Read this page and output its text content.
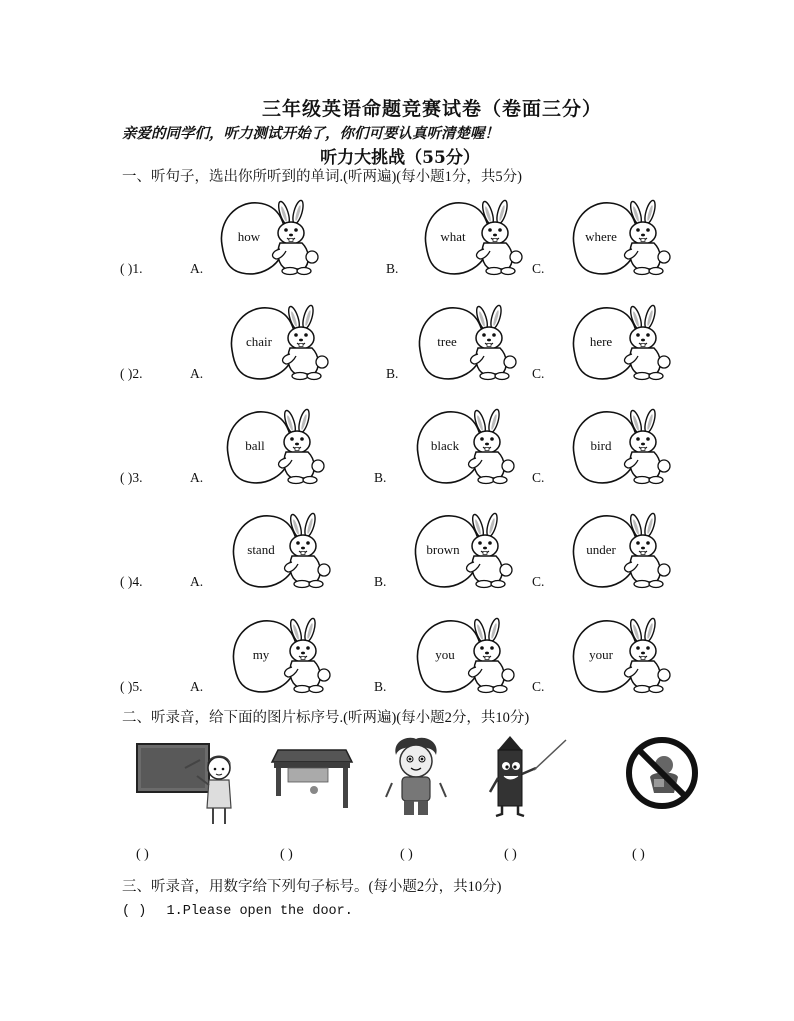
三年级英语命题竞赛试卷（卷面三分）
亲爱的同学们，听力测试开始了，你们可要认真听清楚喔！
听力大挑战（55分）
一、听句子，选出你所听到的单词.(听两遍)(每小题1分，共5分)
( )1.	A.
how
B.
what
C.
where
( )2.	A.
chair
B.
tree
C.
here
( )3.	A.
ball
B.
black
C.
bird
( )4.	A.
stand
B.
brown
C.
under
( )5.	A.
my
B.
you
C.
your
二、听录音，给下面的图片标序号.(听两遍)(每小题2分，共10分)
( )	( )	( )	( )	( )
三、听录音，用数字给下列句子标号。(每小题2分，共10分)
( ) 1.Please open the door.
